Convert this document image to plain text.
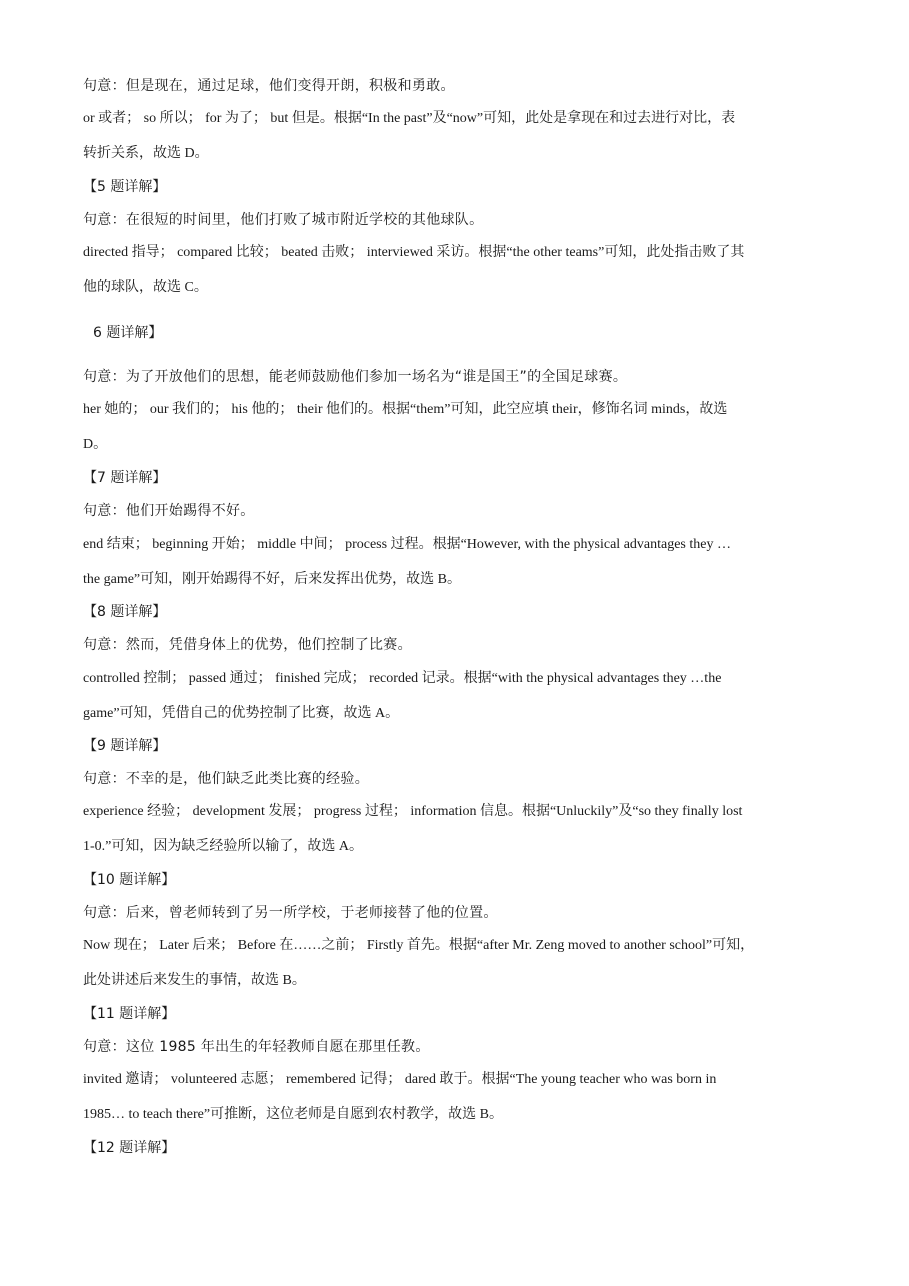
句意：但是现在，通过足球，他们变得开朗，积极和勇敢。
or 或者； so 所以； for 为了； but 但是。根据“In the past”及“now”可知，此处是拿现在和过去进行对比，表
转折关系，故选 D。
【5 题详解】
句意：在很短的时间里，他们打败了城市附近学校的其他球队。
directed 指导； compared 比较； beated 击败； interviewed 采访。根据“the other teams”可知，此处指击败了其
他的球队，故选 C。
6 题详解】
句意：为了开放他们的思想，能老师鼓励他们参加一场名为“谁是国王”的全国足球赛。
her 她的； our 我们的； his 他的； their 他们的。根据“them”可知，此空应填 their，修饰名词 minds，故选
D。
【7 题详解】
句意：他们开始踢得不好。
end 结束； beginning 开始； middle 中间； process 过程。根据“However, with the physical advantages they …
the game”可知，刚开始踢得不好，后来发挥出优势，故选 B。
【8 题详解】
句意：然而，凭借身体上的优势，他们控制了比赛。
controlled 控制； passed 通过； finished 完成； recorded 记录。根据“with the physical advantages they …the
game”可知，凭借自己的优势控制了比赛，故选 A。
【9 题详解】
句意：不幸的是，他们缺乏此类比赛的经验。
experience 经验； development 发展； progress 过程； information 信息。根据“Unluckily”及“so they finally lost
1-0.”可知，因为缺乏经验所以输了，故选 A。
【10 题详解】
句意：后来，曾老师转到了另一所学校，于老师接替了他的位置。
Now 现在； Later 后来； Before 在……之前； Firstly 首先。根据“after Mr. Zeng moved to another school”可知，
此处讲述后来发生的事情，故选 B。
【11 题详解】
句意：这位 1985 年出生的年轻教师自愿在那里任教。
invited 邀请； volunteered 志愿； remembered 记得； dared 敢于。根据“The young teacher who was born in
1985… to teach there”可推断，这位老师是自愿到农村教学，故选 B。
【12 题详解】
